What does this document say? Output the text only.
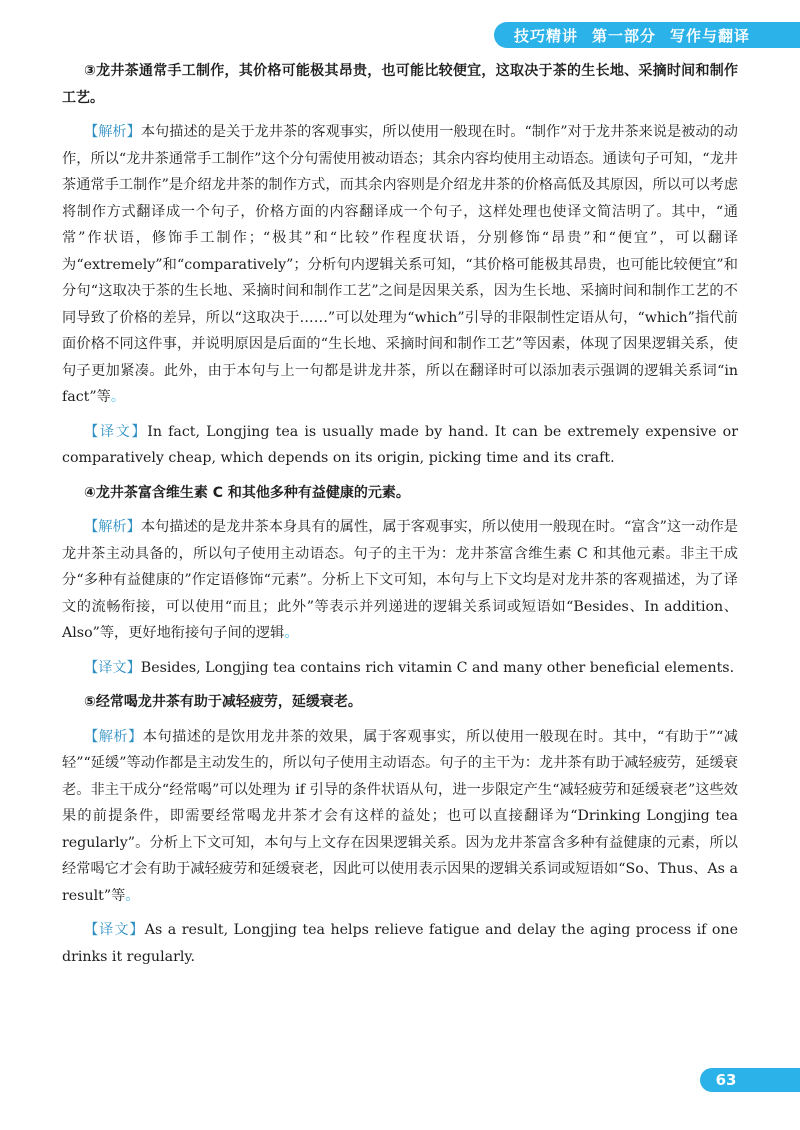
技巧精讲 第一部分 写作与翻译
③龙井茶通常手工制作，其价格可能极其昂贵，也可能比较便宜，这取决于茶的生长地、采摘时间和制作工艺。
【解析】本句描述的是关于龙井茶的客观事实，所以使用一般现在时。“制作”对于龙井茶来说是被动的动作，所以“龙井茶通常手工制作”这个分句需使用被动语态；其余内容均使用主动语态。通读句子可知，“龙井茶通常手工制作”是介绍龙井茶的制作方式，而其余内容则是介绍龙井茶的价格高低及其原因，所以可以考虑将制作方式翻译成一个句子，价格方面的内容翻译成一个句子，这样处理也使译文简洁明了。其中，“通常”作状语，修饰手工制作；“极其”和“比较”作程度状语，分别修饰“昂贵”和“便宜”，可以翻译为“extremely”和“comparatively”；分析句内逻辑关系可知，“其价格可能极其昂贵，也可能比较便宜”和分句“这取决于茶的生长地、采摘时间和制作工艺”之间是因果关系，因为生长地、采摘时间和制作工艺的不同导致了价格的差异，所以“这取决于……”可以处理为“which”引导的非限制性定语从句，“which”指代前面价格不同这件事，并说明原因是后面的“生长地、采摘时间和制作工艺”等因素，体现了因果逻辑关系，使句子更加紧凑。此外，由于本句与上一句都是讲龙井茶，所以在翻译时可以添加表示强调的逻辑关系词“in fact”等。
【译文】In fact, Longjing tea is usually made by hand. It can be extremely expensive or comparatively cheap, which depends on its origin, picking time and its craft.
④龙井茶富含维生素 C 和其他多种有益健康的元素。
【解析】本句描述的是龙井茶本身具有的属性，属于客观事实，所以使用一般现在时。“富含”这一动作是龙井茶主动具备的，所以句子使用主动语态。句子的主干为：龙井茶富含维生素 C 和其他元素。非主干成分“多种有益健康的”作定语修饰“元素”。分析上下文可知，本句与上下文均是对龙井茶的客观描述，为了译文的流畅衔接，可以使用“而且；此外”等表示并列递进的逻辑关系词或短语如“Besides、In addition、Also”等，更好地衔接句子间的逻辑。
【译文】Besides, Longjing tea contains rich vitamin C and many other beneficial elements.
⑤经常喝龙井茶有助于减轻疲劳，延缓衰老。
【解析】本句描述的是饮用龙井茶的效果，属于客观事实，所以使用一般现在时。其中，“有助于”“减轻”“延缓”等动作都是主动发生的，所以句子使用主动语态。句子的主干为：龙井茶有助于减轻疲劳，延缓衰老。非主干成分“经常喝”可以处理为 if 引导的条件状语从句，进一步限定产生“减轻疲劳和延缓衰老”这些效果的前提条件，即需要经常喝龙井茶才会有这样的益处；也可以直接翻译为“Drinking Longjing tea regularly”。分析上下文可知，本句与上文存在因果逻辑关系。因为龙井茶富含多种有益健康的元素，所以经常喝它才会有助于减轻疲劳和延缓衰老，因此可以使用表示因果的逻辑关系词或短语如“So、Thus、As a result”等。
【译文】As a result, Longjing tea helps relieve fatigue and delay the aging process if one drinks it regularly.
63
